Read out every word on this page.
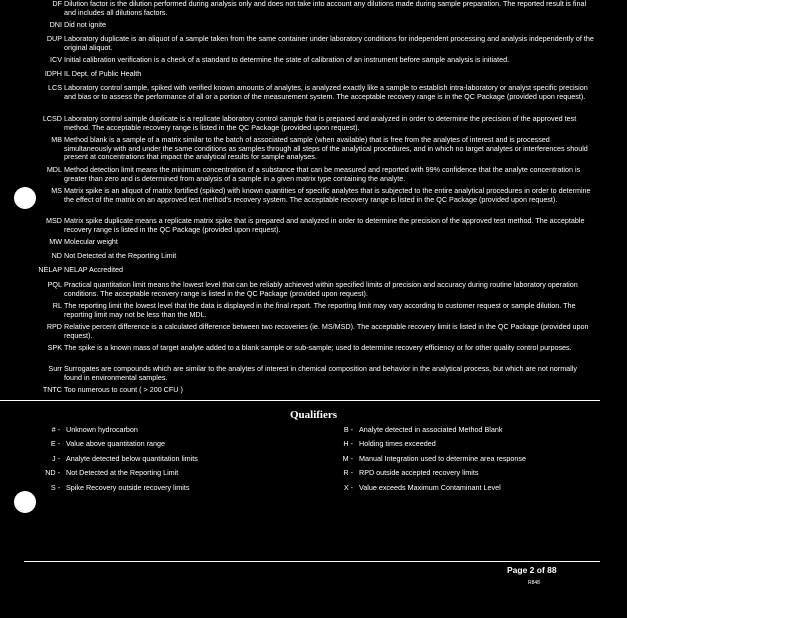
DF Dilution factor is the dilution performed during analysis only and does not take into account any dilutions made during sample preparation. The reported result is final and includes all dilutions factors.
DNI Did not ignite
DUP Laboratory duplicate is an aliquot of a sample taken from the same container under laboratory conditions for independent processing and analysis independently of the original aliquot.
ICV Initial calibration verification is a check of a standard to determine the state of calibration of an instrument before sample analysis is initiated.
IDPH IL Dept. of Public Health
LCS Laboratory control sample, spiked with verified known amounts of analytes, is analyzed exactly like a sample to establish intra-laboratory or analyst specific precision and bias or to assess the performance of all or a portion of the measurement system. The acceptable recovery range is in the QC Package (provided upon request).
LCSD Laboratory control sample duplicate is a replicate laboratory control sample that is prepared and analyzed in order to determine the precision of the approved test method. The acceptable recovery range is listed in the QC Package (provided upon request).
MB Method blank is a sample of a matrix similar to the batch of associated sample (when available) that is free from the analytes of interest and is processed simultaneously with and under the same conditions as samples through all steps of the analytical procedures, and in which no target analytes or interferences should present at concentrations that impact the analytical results for sample analyses.
MDL Method detection limit means the minimum concentration of a substance that can be measured and reported with 99% confidence that the analyte concentration is greater than zero and is determined from analysis of a sample in a given matrix type containing the analyte.
MS Matrix spike is an aliquot of matrix fortified (spiked) with known quantities of specific analytes that is subjected to the entire analytical procedures in order to determine the effect of the matrix on an approved test method's recovery system. The acceptable recovery range is listed in the QC Package (provided upon request).
MSD Matrix spike duplicate means a replicate matrix spike that is prepared and analyzed in order to determine the precision of the approved test method. The acceptable recovery range is listed in the QC Package (provided upon request).
MW Molecular weight
ND Not Detected at the Reporting Limit
NELAP NELAP Accredited
PQL Practical quantitation limit means the lowest level that can be reliably achieved within specified limits of precision and accuracy during routine laboratory operation conditions. The acceptable recovery range is listed in the QC Package (provided upon request).
RL The reporting limit the lowest level that the data is displayed in the final report. The reporting limit may vary according to customer request or sample dilution. The reporting limit may not be less than the MDL.
RPD Relative percent difference is a calculated difference between two recoveries (ie. MS/MSD). The acceptable recovery limit is listed in the QC Package (provided upon request).
SPK The spike is a known mass of target analyte added to a blank sample or sub-sample; used to determine recovery efficiency or for other quality control purposes.
Surr Surrogates are compounds which are similar to the analytes of interest in chemical composition and behavior in the analytical process, but which are not normally found in environmental samples.
TNTC Too numerous to count ( > 200 CFU )
Qualifiers
# - Unknown hydrocarbon
E - Value above quantitation range
J - Analyte detected below quantitation limits
ND - Not Detected at the Reporting Limit
S - Spike Recovery outside recovery limits
B - Analyte detected in associated Method Blank
H - Holding times exceeded
M - Manual Integration used to determine area response
R - RPD outside accepted recovery limits
X - Value exceeds Maximum Contaminant Level
Page 2 of 88
R848
